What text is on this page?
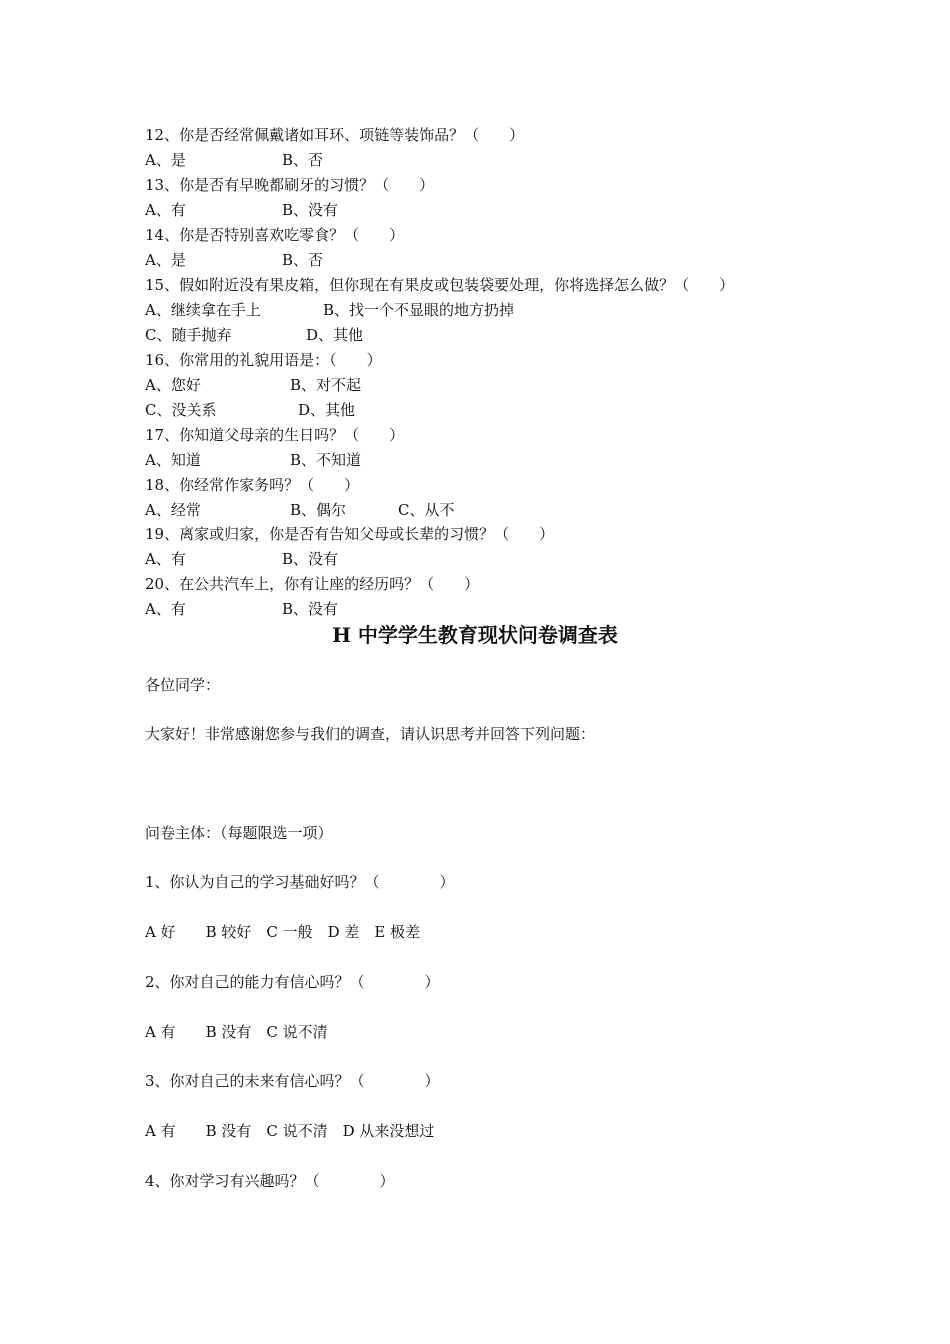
12、你是否经常佩戴诸如耳环、项链等装饰品？（　　）

A、是

	B、否

13、你是否有早晚都刷牙的习惯？（　　）

A、有

	B、没有

14、你是否特别喜欢吃零食？（　　）

A、是

	B、否

15、假如附近没有果皮箱，但你现在有果皮或包装袋要处理，你将选择怎么做？（　　）

A、继续拿在手上

	B、找一个不显眼的地方扔掉

C、随手抛弃

	D、其他

16、你常用的礼貌用语是：（　　）

A、您好

	B、对不起

C、没关系

	D、其他

17、你知道父母亲的生日吗？（　　）

A、知道

	B、不知道

18、你经常作家务吗？（　　）

A、经常

	B、偶尔

	C、从不

19、离家或归家，你是否有告知父母或长辈的习惯？（　　）

A、有

	B、没有

20、在公共汽车上，你有让座的经历吗？（　　）

A、有

	B、没有

H 中学学生教育现状问卷调查表

各位同学：

大家好！非常感谢您参与我们的调查，请认识思考并回答下列问题：

问卷主体：（每题限选一项）

1、你认为自己的学习基础好吗？（　　　　）

A 好　　B 较好　C 一般　D 差　E 极差

2、你对自己的能力有信心吗？（　　　　）

A 有　　B 没有　C 说不清

3、你对自己的未来有信心吗？（　　　　）

A 有　　B 没有　C 说不清　D 从来没想过

4、你对学习有兴趣吗？（　　　　）
